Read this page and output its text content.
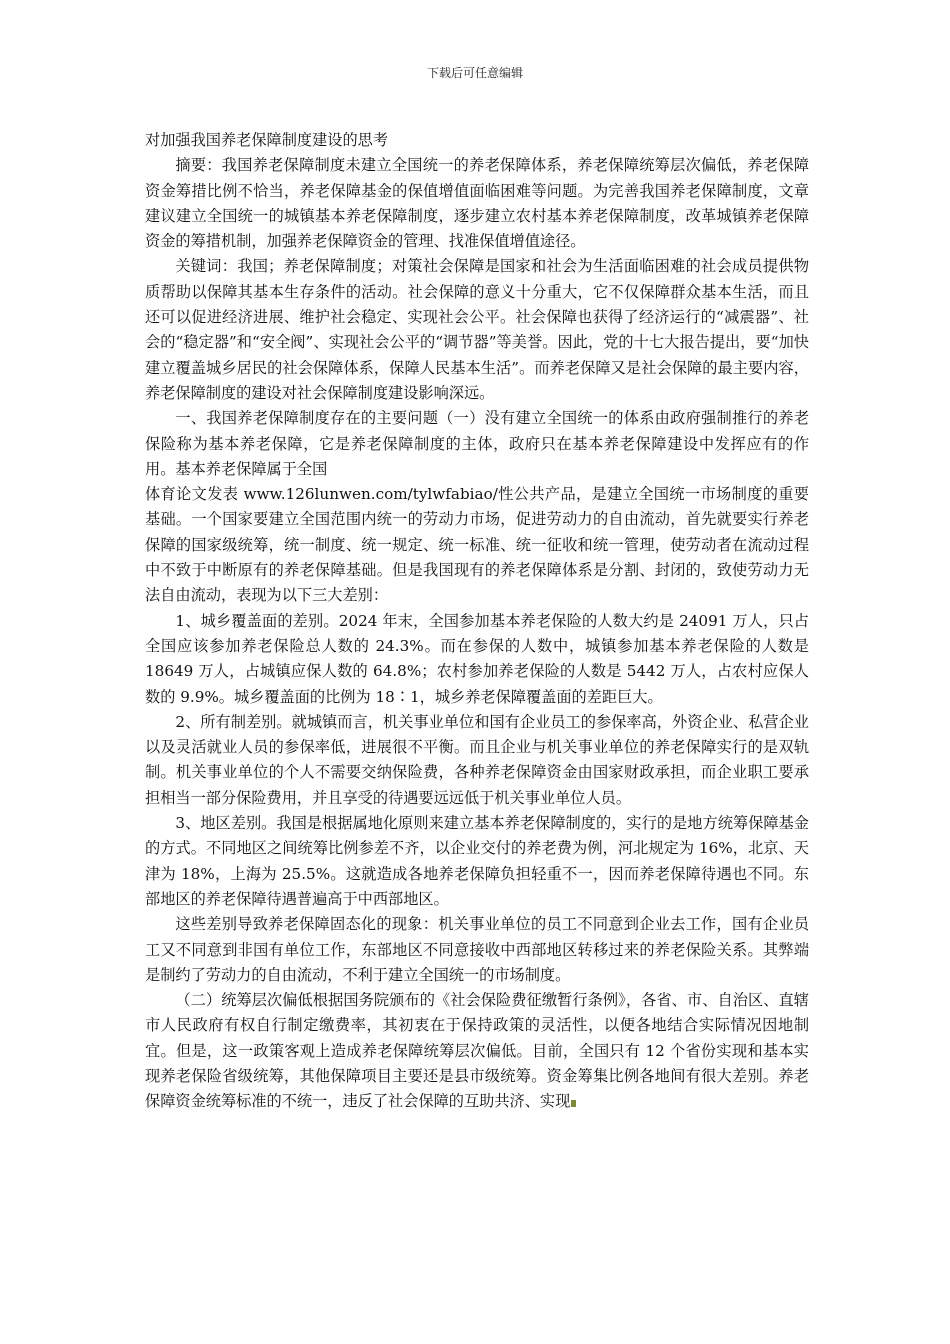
下载后可任意编辑

对加强我国养老保障制度建设的思考

摘要：我国养老保障制度未建立全国统一的养老保障体系，养老保障统筹层次偏低，养老保障资金筹措比例不恰当，养老保障基金的保值增值面临困难等问题。为完善我国养老保障制度，文章建议建立全国统一的城镇基本养老保障制度，逐步建立农村基本养老保障制度，改革城镇养老保障资金的筹措机制，加强养老保障资金的管理、找准保值增值途径。

关键词：我国；养老保障制度；对策社会保障是国家和社会为生活面临困难的社会成员提供物质帮助以保障其基本生存条件的活动。社会保障的意义十分重大，它不仅保障群众基本生活，而且还可以促进经济进展、维护社会稳定、实现社会公平。社会保障也获得了经济运行的“减震器”、社会的“稳定器”和“安全阀”、实现社会公平的“调节器”等美誉。因此，党的十七大报告提出，要“加快建立覆盖城乡居民的社会保障体系，保障人民基本生活”。而养老保障又是社会保障的最主要内容，养老保障制度的建设对社会保障制度建设影响深远。

一、我国养老保障制度存在的主要问题（一）没有建立全国统一的体系由政府强制推行的养老保险称为基本养老保障，它是养老保障制度的主体，政府只在基本养老保障建设中发挥应有的作用。基本养老保障属于全国

体育论文发表 www.126lunwen.com/tylwfabiao/性公共产品，是建立全国统一市场制度的重要基础。一个国家要建立全国范围内统一的劳动力市场，促进劳动力的自由流动，首先就要实行养老保障的国家级统筹，统一制度、统一规定、统一标准、统一征收和统一管理，使劳动者在流动过程中不致于中断原有的养老保障基础。但是我国现有的养老保障体系是分割、封闭的，致使劳动力无法自由流动，表现为以下三大差别：

1、城乡覆盖面的差别。2024 年末，全国参加基本养老保险的人数大约是 24091 万人，只占全国应该参加养老保险总人数的 24.3%。而在参保的人数中，城镇参加基本养老保险的人数是 18649 万人，占城镇应保人数的 64.8%；农村参加养老保险的人数是 5442 万人，占农村应保人数的 9.9%。城乡覆盖面的比例为 18∶1，城乡养老保障覆盖面的差距巨大。

2、所有制差别。就城镇而言，机关事业单位和国有企业员工的参保率高，外资企业、私营企业以及灵活就业人员的参保率低，进展很不平衡。而且企业与机关事业单位的养老保障实行的是双轨制。机关事业单位的个人不需要交纳保险费，各种养老保障资金由国家财政承担，而企业职工要承担相当一部分保险费用，并且享受的待遇要远远低于机关事业单位人员。

3、地区差别。我国是根据属地化原则来建立基本养老保障制度的，实行的是地方统筹保障基金的方式。不同地区之间统筹比例参差不齐，以企业交付的养老费为例，河北规定为 16%，北京、天津为 18%，上海为 25.5%。这就造成各地养老保障负担轻重不一，因而养老保障待遇也不同。东部地区的养老保障待遇普遍高于中西部地区。

这些差别导致养老保障固态化的现象：机关事业单位的员工不同意到企业去工作，国有企业员工又不同意到非国有单位工作，东部地区不同意接收中西部地区转移过来的养老保险关系。其弊端是制约了劳动力的自由流动，不利于建立全国统一的市场制度。

（二）统筹层次偏低根据国务院颁布的《社会保险费征缴暂行条例》，各省、市、自治区、直辖市人民政府有权自行制定缴费率，其初衷在于保持政策的灵活性，以便各地结合实际情况因地制宜。但是，这一政策客观上造成养老保障统筹层次偏低。目前，全国只有 12 个省份实现和基本实现养老保险省级统筹，其他保障项目主要还是县市级统筹。资金筹集比例各地间有很大差别。养老保障资金统筹标准的不统一，违反了社会保障的互助共济、实现
